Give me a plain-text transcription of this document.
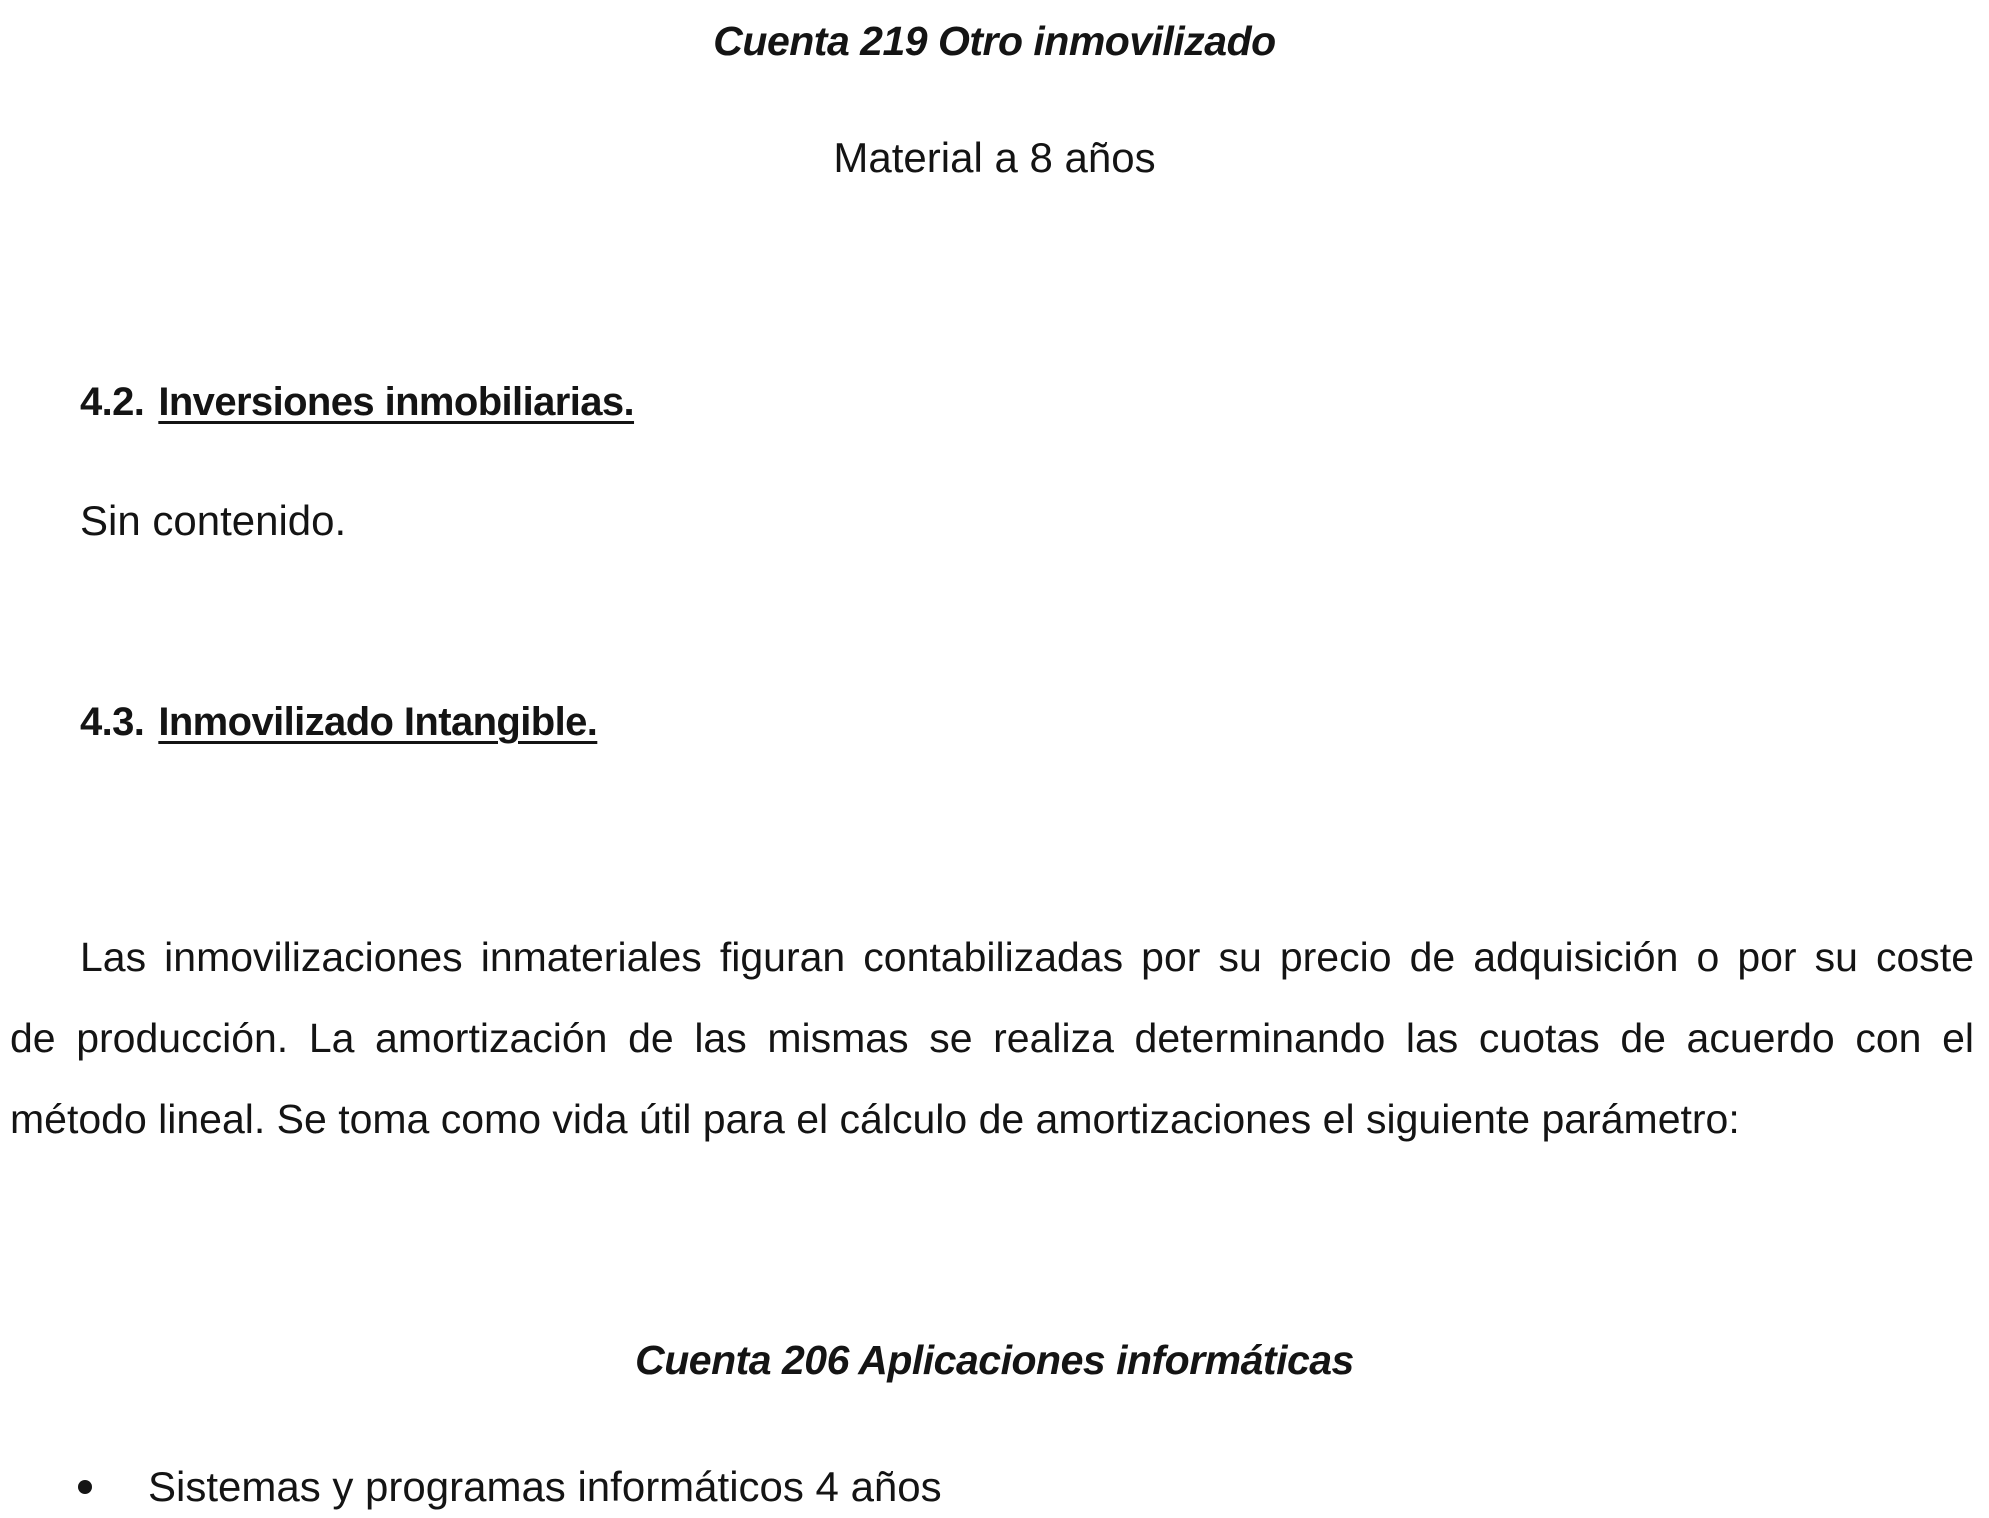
Cuenta 219 Otro inmovilizado
Material a 8 años
4.2. Inversiones inmobiliarias.
Sin contenido.
4.3. Inmovilizado Intangible.
Las inmovilizaciones inmateriales figuran contabilizadas por su precio de adquisición o por su coste
de producción. La amortización de las mismas se realiza determinando las cuotas de acuerdo con el
método lineal. Se toma como vida útil para el cálculo de amortizaciones el siguiente parámetro:
Cuenta 206 Aplicaciones informáticas
Sistemas y programas informáticos 4 años
